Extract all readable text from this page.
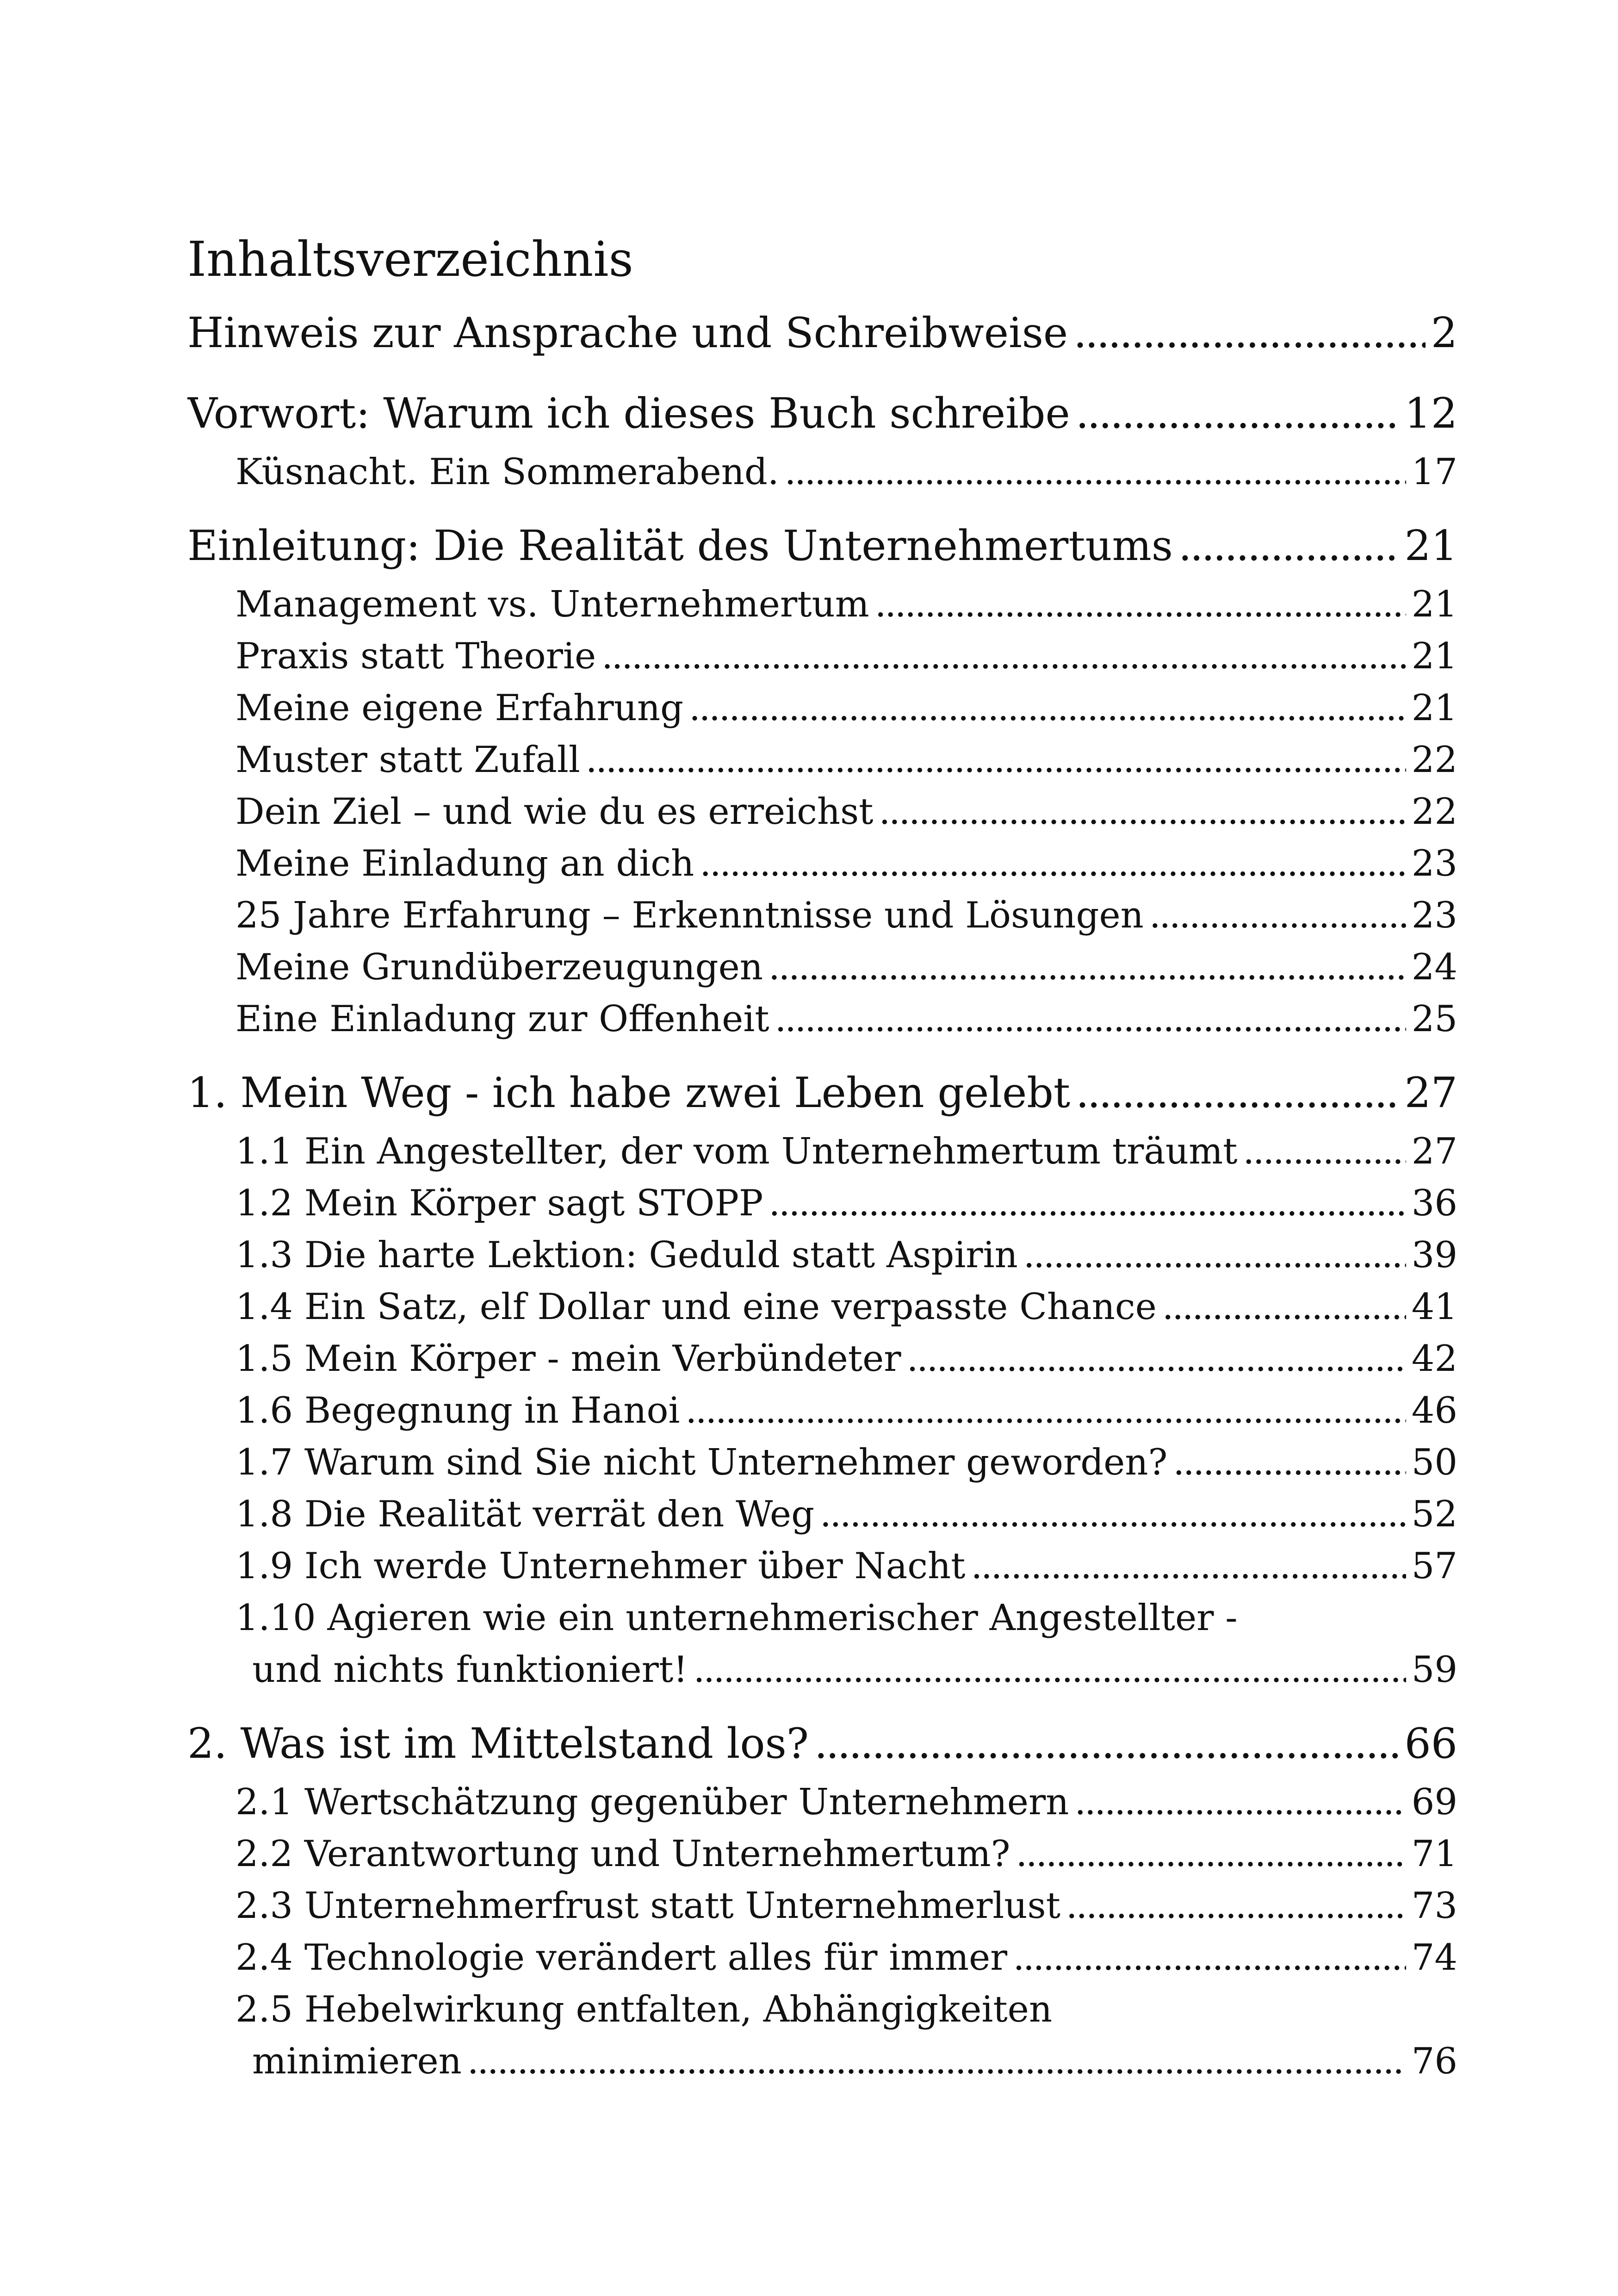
Inhaltsverzeichnis
Hinweis zur Ansprache und Schreibweise . . .	2
Vorwort: Warum ich dieses Buch schreibe . . .	12
Küsnacht. Ein Sommerabend. . . .	17
Einleitung: Die Realität des Unternehmertums . . .	21
Management vs. Unternehmertum . . .	21
Praxis statt Theorie . . .	21
Meine eigene Erfahrung . . .	21
Muster statt Zufall . . .	22
Dein Ziel – und wie du es erreichst . . .	22
Meine Einladung an dich . . .	23
25 Jahre Erfahrung – Erkenntnisse und Lösungen . . .	23
Meine Grundüberzeugungen . . .	24
Eine Einladung zur Offenheit . . .	25
1. Mein Weg - ich habe zwei Leben gelebt . . .	27
1.1 Ein Angestellter, der vom Unternehmertum träumt . . .	27
1.2 Mein Körper sagt STOPP . . .	36
1.3 Die harte Lektion: Geduld statt Aspirin . . .	39
1.4 Ein Satz, elf Dollar und eine verpasste Chance . . .	41
1.5 Mein Körper - mein Verbündeter . . .	42
1.6 Begegnung in Hanoi . . .	46
1.7 Warum sind Sie nicht Unternehmer geworden? . . .	50
1.8 Die Realität verrät den Weg . . .	52
1.9 Ich werde Unternehmer über Nacht . . .	57
1.10 Agieren wie ein unternehmerischer Angestellter -
und nichts funktioniert! . . .	59
2. Was ist im Mittelstand los? . . .	66
2.1 Wertschätzung gegenüber Unternehmern . . .	69
2.2 Verantwortung und Unternehmertum? . . .	71
2.3 Unternehmerfrust statt Unternehmerlust . . .	73
2.4 Technologie verändert alles für immer . . .	74
2.5 Hebelwirkung entfalten, Abhängigkeiten
minimieren . . .	76
